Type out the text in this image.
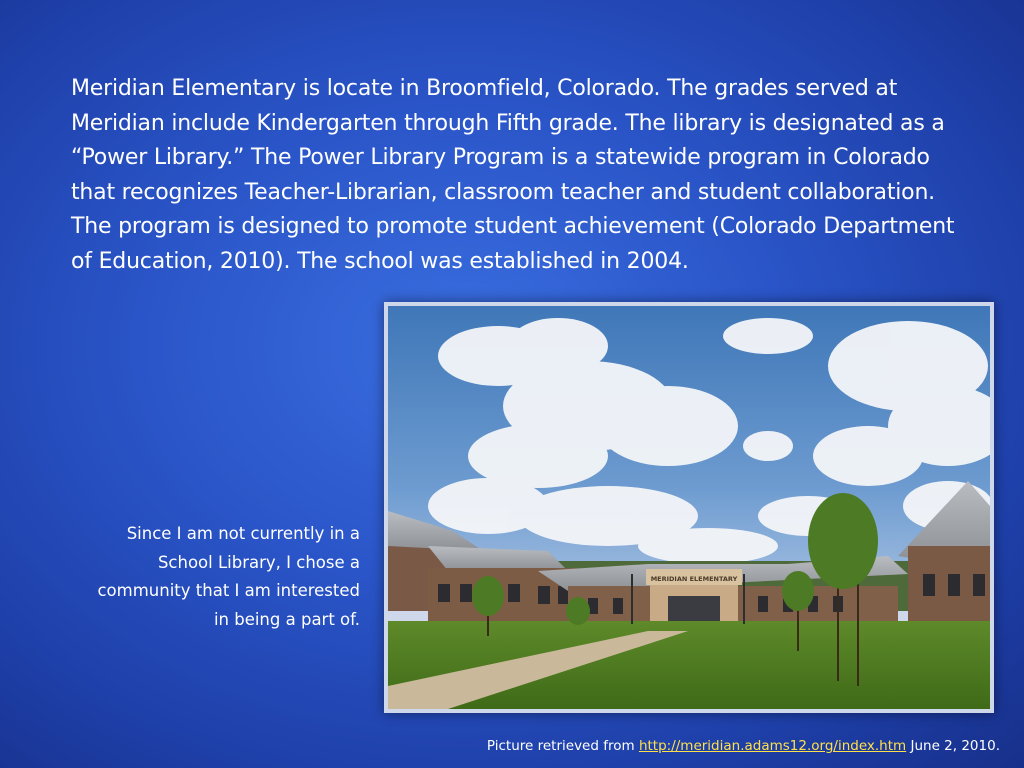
Meridian Elementary is locate in Broomfield, Colorado. The grades served at Meridian include Kindergarten through Fifth grade. The library is designated as a “Power Library.” The Power Library Program is a statewide program in Colorado that recognizes Teacher-Librarian, classroom teacher and student collaboration. The program is designed to promote student achievement (Colorado Department of Education, 2010). The school was established in 2004.
Since I am not currently in a School Library, I chose a community that I am interested in being a part of.
MERIDIAN ELEMENTARY
Picture retrieved from http://meridian.adams12.org/index.htm June 2, 2010.
